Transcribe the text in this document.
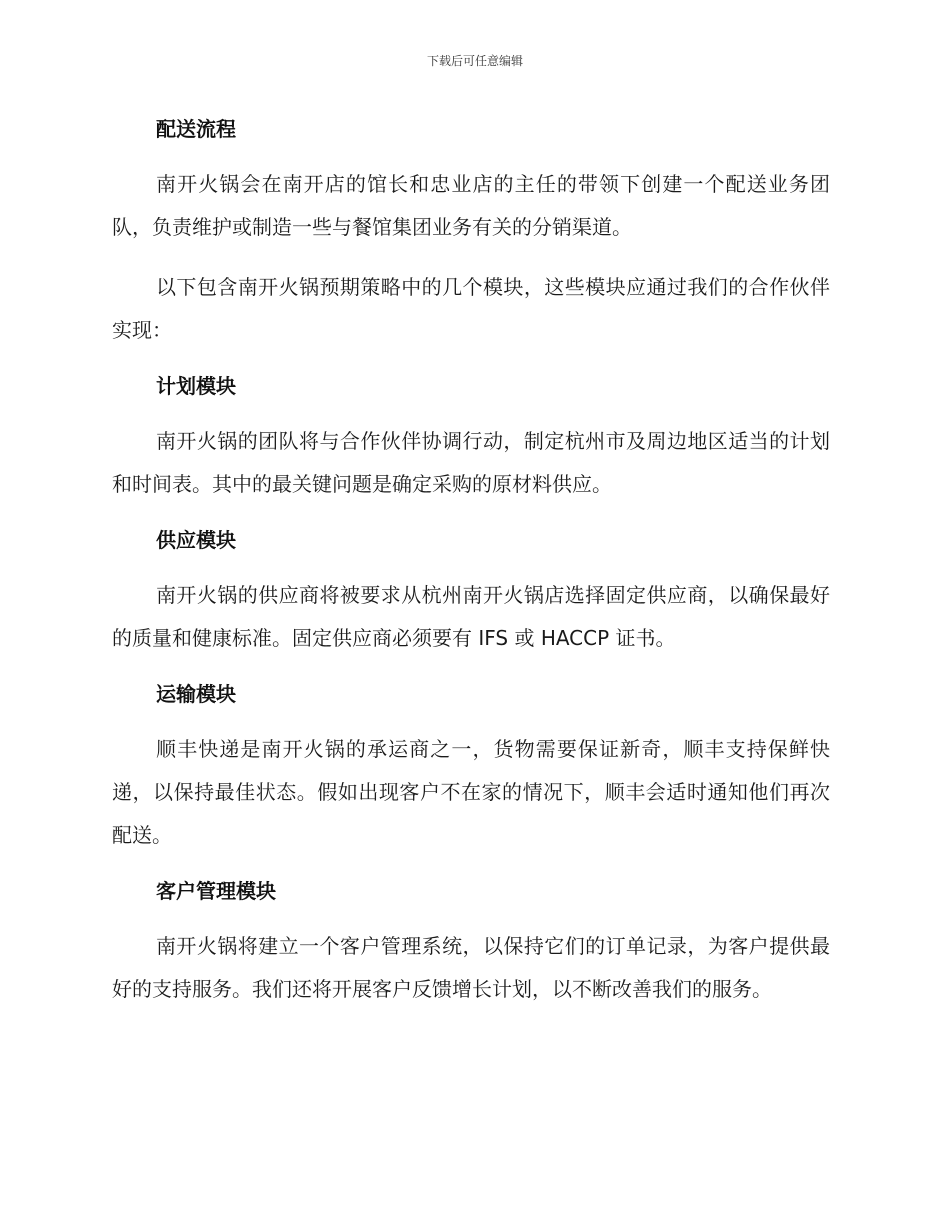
下载后可任意编辑
配送流程

南开火锅会在南开店的馆长和忠业店的主任的带领下创建一个配送业务团队，负责维护或制造一些与餐馆集团业务有关的分销渠道。

以下包含南开火锅预期策略中的几个模块，这些模块应通过我们的合作伙伴实现：

计划模块

南开火锅的团队将与合作伙伴协调行动，制定杭州市及周边地区适当的计划和时间表。其中的最关键问题是确定采购的原材料供应。

供应模块

南开火锅的供应商将被要求从杭州南开火锅店选择固定供应商，以确保最好的质量和健康标准。固定供应商必须要有 IFS 或 HACCP 证书。

运输模块

顺丰快递是南开火锅的承运商之一，货物需要保证新奇，顺丰支持保鲜快递，以保持最佳状态。假如出现客户不在家的情况下，顺丰会适时通知他们再次配送。

客户管理模块

南开火锅将建立一个客户管理系统，以保持它们的订单记录，为客户提供最好的支持服务。我们还将开展客户反馈增长计划，以不断改善我们的服务。
